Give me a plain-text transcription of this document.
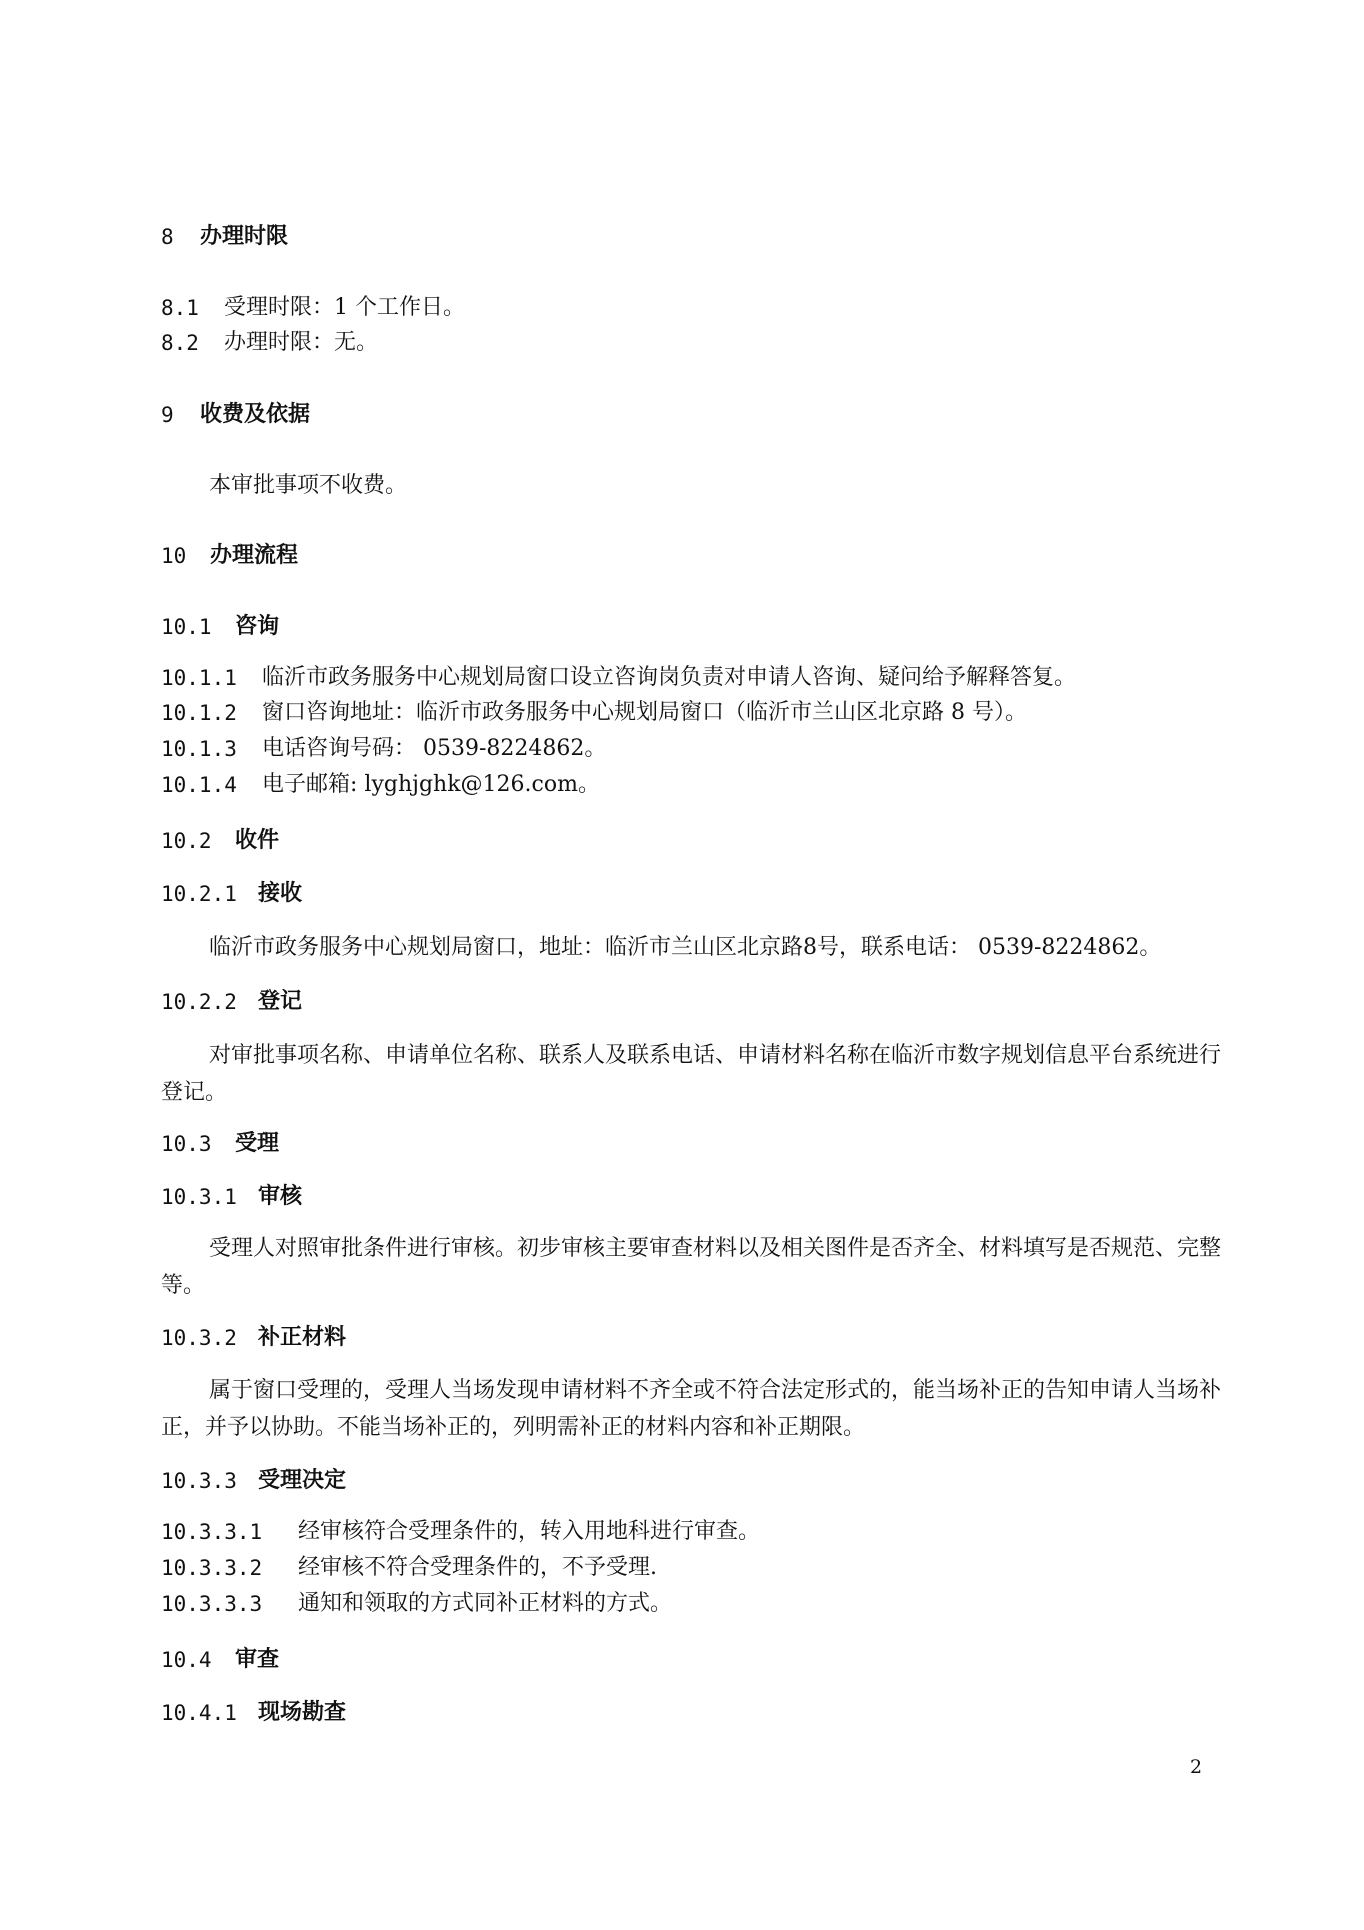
8 办理时限
8.1 受理时限：1 个工作日。
8.2 办理时限：无。
9 收费及依据
本审批事项不收费。
10 办理流程
10.1 咨询
10.1.1 临沂市政务服务中心规划局窗口设立咨询岗负责对申请人咨询、疑问给予解释答复。
10.1.2 窗口咨询地址：临沂市政务服务中心规划局窗口（临沂市兰山区北京路 8 号）。
10.1.3 电话咨询号码： 0539-8224862。
10.1.4 电子邮箱: lyghjghk@126.com。
10.2 收件
10.2.1 接收
临沂市政务服务中心规划局窗口，地址：临沂市兰山区北京路8号，联系电话： 0539-8224862。
10.2.2 登记
对审批事项名称、申请单位名称、联系人及联系电话、申请材料名称在临沂市数字规划信息平台系统进行登记。
10.3 受理
10.3.1 审核
受理人对照审批条件进行审核。初步审核主要审查材料以及相关图件是否齐全、材料填写是否规范、完整等。
10.3.2 补正材料
属于窗口受理的，受理人当场发现申请材料不齐全或不符合法定形式的，能当场补正的告知申请人当场补正，并予以协助。不能当场补正的，列明需补正的材料内容和补正期限。
10.3.3 受理决定
10.3.3.1 经审核符合受理条件的，转入用地科进行审查。
10.3.3.2 经审核不符合受理条件的，不予受理.
10.3.3.3 通知和领取的方式同补正材料的方式。
10.4 审查
10.4.1 现场勘查
2
